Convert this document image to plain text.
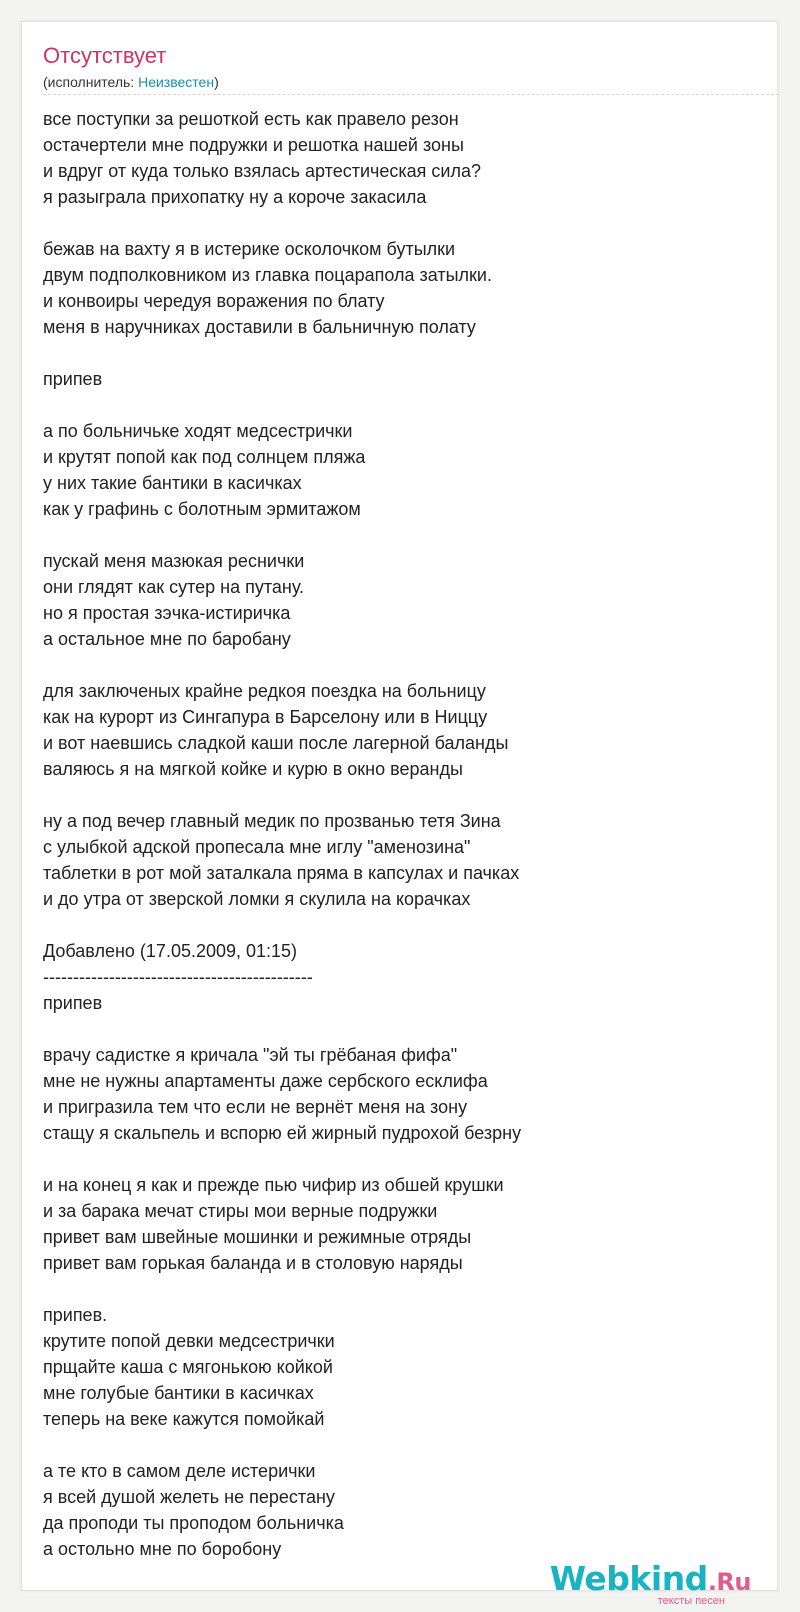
Отсутствует
(исполнитель: Неизвестен)
все поступки за решоткой есть как правело резон
остачертели мне подружки и решотка нашей зоны
и вдруг от куда только взялась артестическая сила?
я разыграла прихопатку ну а короче закасила

бежав на вахту я в истерике осколочком бутылки
двум подполковником из главка поцарапола затылки.
и конвоиры чередуя воражения по блату
меня в наручниках доставили в бальничную полату

припев

а по больничьке ходят медсестрички
и крутят попой как под солнцем пляжа
у них такие бантики в касичках
как у графинь с болотным эрмитажом

пускай меня мазюкая реснички
они глядят как сутер на путану.
но я простая зэчка-истиричка
а остальное мне по баробану

для заключеных крайне редкоя поездка на больницу
как на курорт из Сингапура в Барселону или в Ниццу
и вот наевшись сладкой каши после лагерной баланды
валяюсь я на мягкой койке и курю в окно веранды

ну а под вечер главный медик по прозванью тетя Зина
с улыбкой адской пропесала мне иглу "аменозина"
таблетки в рот мой заталкала пряма в капсулах и пачках
и до утра от зверской ломки я скулила на корачках

Добавлено (17.05.2009, 01:15)
---------------------------------------------
припев

врачу садистке я кричала "эй ты грёбаная фифа"
мне не нужны апартаменты даже сербского есклифа
и пригразила тем что если не вернёт меня на зону
стащу я скальпель и вспорю ей жирный пудрохой безрну

и на конец я как и прежде пью чифир из обшей крушки
и за барака мечат стиры мои верные подружки
привет вам швейные мошинки и режимные отряды
привет вам горькая баланда и в столовую наряды

припев.
крутите попой девки медсестрички
прщайте каша с мягонькою койкой
мне голубые бантики в касичках
теперь на веке кажутся помойкай

а те кто в самом деле истерички
я всей душой желеть не перестану
да проподи ты проподом больничка
а остольно мне по боробону
Webkind.Ru
тексты песен
